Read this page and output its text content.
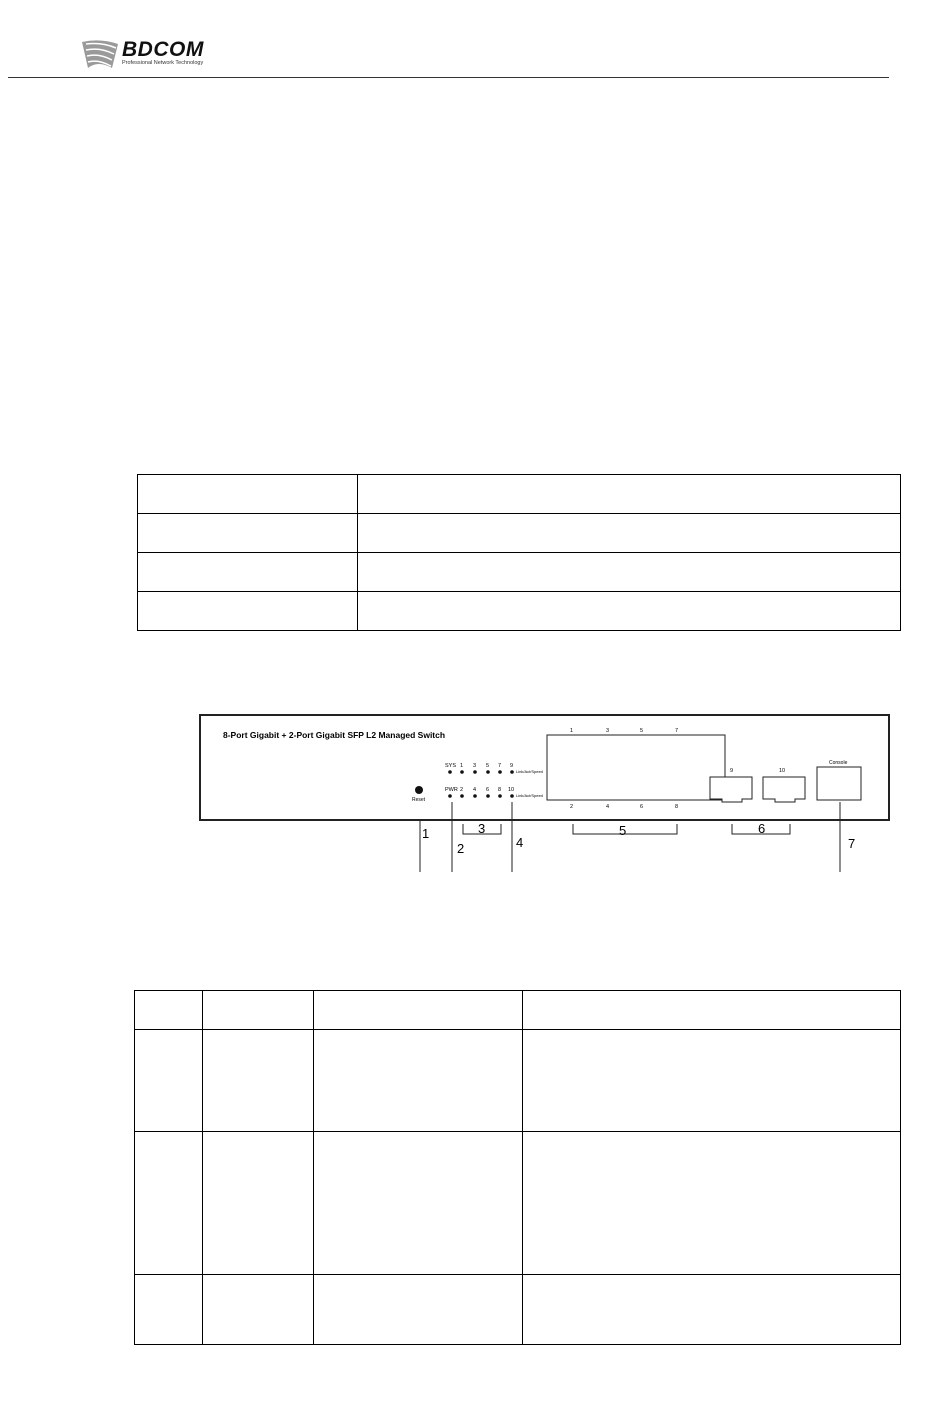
BDCOM
Professional Network Technology

8-Port Gigabit + 2-Port Gigabit SFP L2 Managed Switch
Reset
SYS
PWR
1 3 5 7 9
2 4 6 8 10
Link/Act/Speed
Link/Act/Speed
1	3	5	7
2	4	6	8
9	10
Console
1
2
3
4
5	6
7
